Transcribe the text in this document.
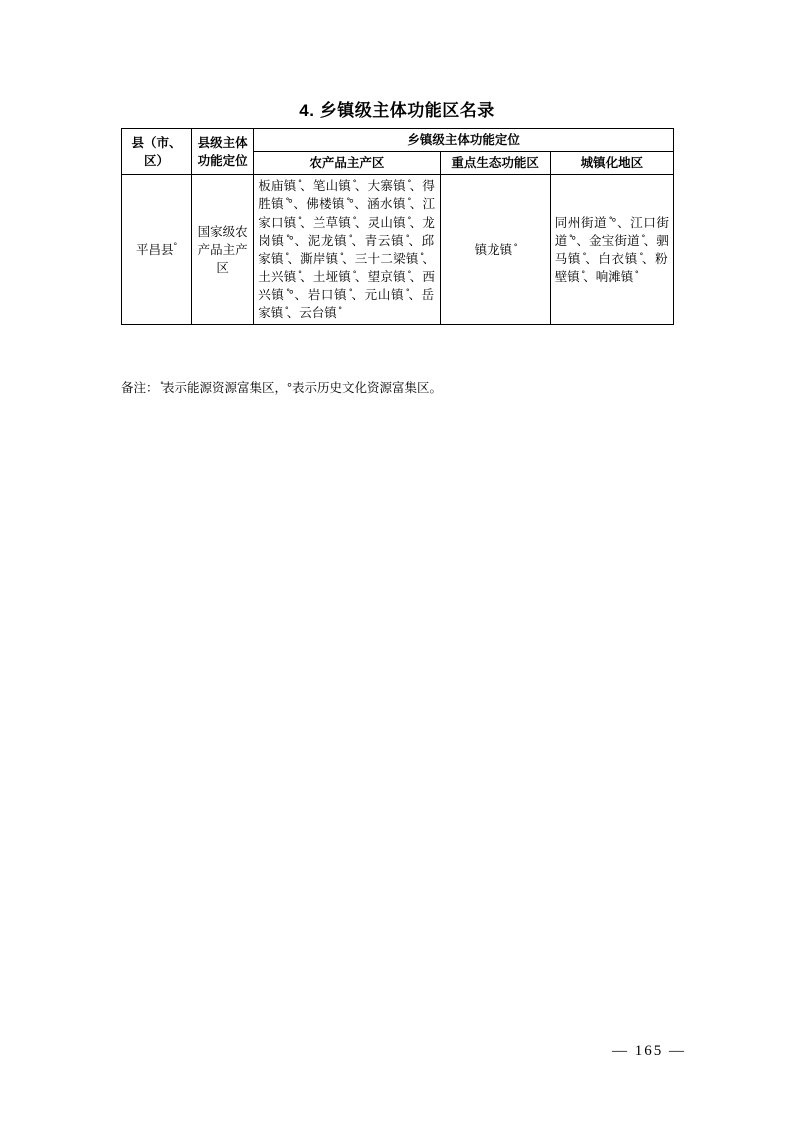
4. 乡镇级主体功能区名录
县（市、区）	县级主体功能定位	乡镇级主体功能定位		
		农产品主产区	重点生态功能区	城镇化地区
平昌县°	国家级农产品主产区	板庙镇 ̊、笔山镇 ̊、大寨镇 ̊、得胜镇 ̊°、佛楼镇 ̊°、涵水镇 ̊、江家口镇 ̊、兰草镇 ̊、灵山镇 ̊、龙岗镇 ̊°、泥龙镇 ̊、青云镇 ̊、邱家镇 ̊、澌岸镇 ̊、三十二梁镇 ̊、土兴镇 ̊、土垭镇 ̊、望京镇 ̊、西兴镇 ̊°、岩口镇 ̊、元山镇 ̊、岳家镇 ̊、云台镇 ̊	镇龙镇 ̊	同州街道 ̊°、江口街道 ̊°、金宝街道 ̊、驷马镇 ̊、白衣镇 ̊、粉壁镇 ̊、响滩镇 ̊
备注： ̊表示能源资源富集区，°表示历史文化资源富集区。
— 165 —
